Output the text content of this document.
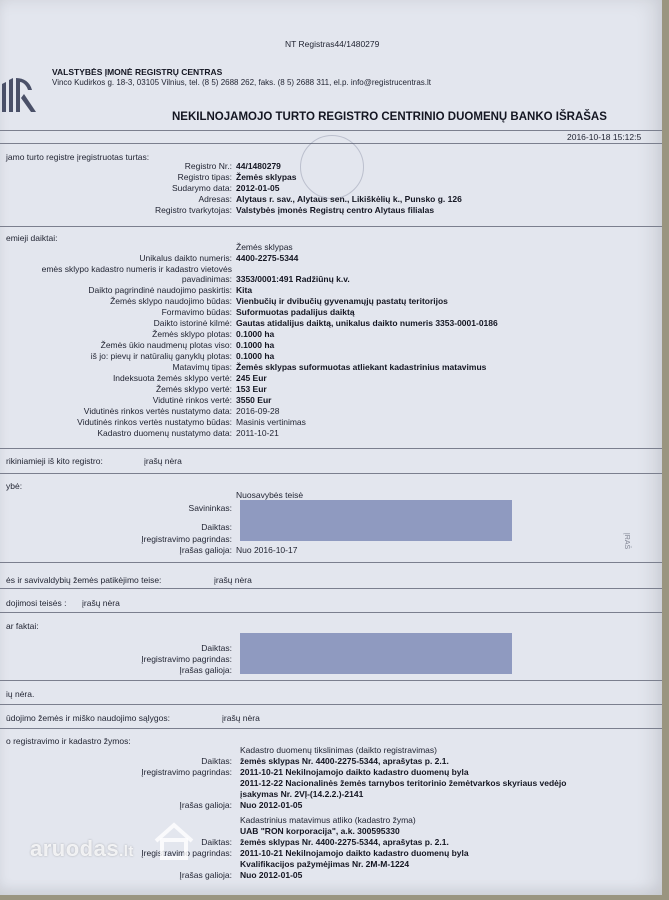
NT Registras44/1480279
VALSTYBĖS ĮMONĖ REGISTRŲ CENTRAS
Vinco Kudirkos g. 18-3, 03105 Vilnius, tel. (8 5) 2688 262, faks. (8 5) 2688 311, el.p. info@registrucentras.lt
NEKILNOJAMOJO TURTO REGISTRO CENTRINIO DUOMENŲ BANKO IŠRAŠAS
2016-10-18 15:12:5
jamo turto registre įregistruotas turtas:
Registro Nr.: 44/1480279
Registro tipas: Žemės sklypas
Sudarymo data: 2012-01-05
Adresas: Alytaus r. sav., Alytaus sen., Likiškėlių k., Punsko g. 126
Registro tvarkytojas: Valstybės įmonės Registrų centro Alytaus filialas
emieji daiktai:
Žemės sklypas
Unikalus daikto numeris: 4400-2275-5344
emės sklypo kadastro numeris ir kadastro vietovės
pavadinimas: 3353/0001:491 Radžiūnų k.v.
Daikto pagrindinė naudojimo paskirtis: Kita
Žemės sklypo naudojimo būdas: Vienbučių ir dvibučių gyvenamųjų pastatų teritorijos
Formavimo būdas: Suformuotas padalijus daiktą
Daikto istorinė kilmė: Gautas atidalijus daiktą, unikalus daikto numeris 3353-0001-0186
Žemės sklypo plotas: 0.1000 ha
Žemės ūkio naudmenų plotas viso: 0.1000 ha
iš jo: pievų ir natūralių ganyklų plotas: 0.1000 ha
Matavimų tipas: Žemės sklypas suformuotas atliekant kadastrinius matavimus
Indeksuota žemės sklypo vertė: 245 Eur
Žemės sklypo vertė: 153 Eur
Vidutinė rinkos vertė: 3550 Eur
Vidutinės rinkos vertės nustatymo data: 2016-09-28
Vidutinės rinkos vertės nustatymo būdas: Masinis vertinimas
Kadastro duomenų nustatymo data: 2011-10-21
rikiniamieji iš kito registro:	įrašų nėra
ybė:
Nuosavybės teisė
Savininkas:
Daiktas:
Įregistravimo pagrindas:
Įrašas galioja: Nuo 2016-10-17
ĮRAŠ
ės ir savivaldybių žemės patikėjimo teise:	įrašų nėra
dojimosi teisės : įrašų nėra
ar faktai:
Daiktas:
Įregistravimo pagrindas:
Įrašas galioja:
ių nėra.
ūdojimo žemės ir miško naudojimo sąlygos:	įrašų nėra
o registravimo ir kadastro žymos:
Kadastro duomenų tikslinimas (daikto registravimas)
Daiktas: žemės sklypas Nr. 4400-2275-5344, aprašytas p. 2.1.
Įregistravimo pagrindas: 2011-10-21 Nekilnojamojo daikto kadastro duomenų byla
2011-12-22 Nacionalinės žemės tarnybos teritorinio žemėtvarkos skyriaus vedėjo
įsakymas Nr. 2VĮ-(14.2.2.)-2141
Įrašas galioja: Nuo 2012-01-05
Kadastrinius matavimus atliko (kadastro žyma)
UAB "RON korporacija", a.k. 300595330
Daiktas: žemės sklypas Nr. 4400-2275-5344, aprašytas p. 2.1.
Įregistravimo pagrindas: 2011-10-21 Nekilnojamojo daikto kadastro duomenų byla
Kvalifikacijos pažymėjimas Nr. 2M-M-1224
Įrašas galioja: Nuo 2012-01-05
aruodas.lt
